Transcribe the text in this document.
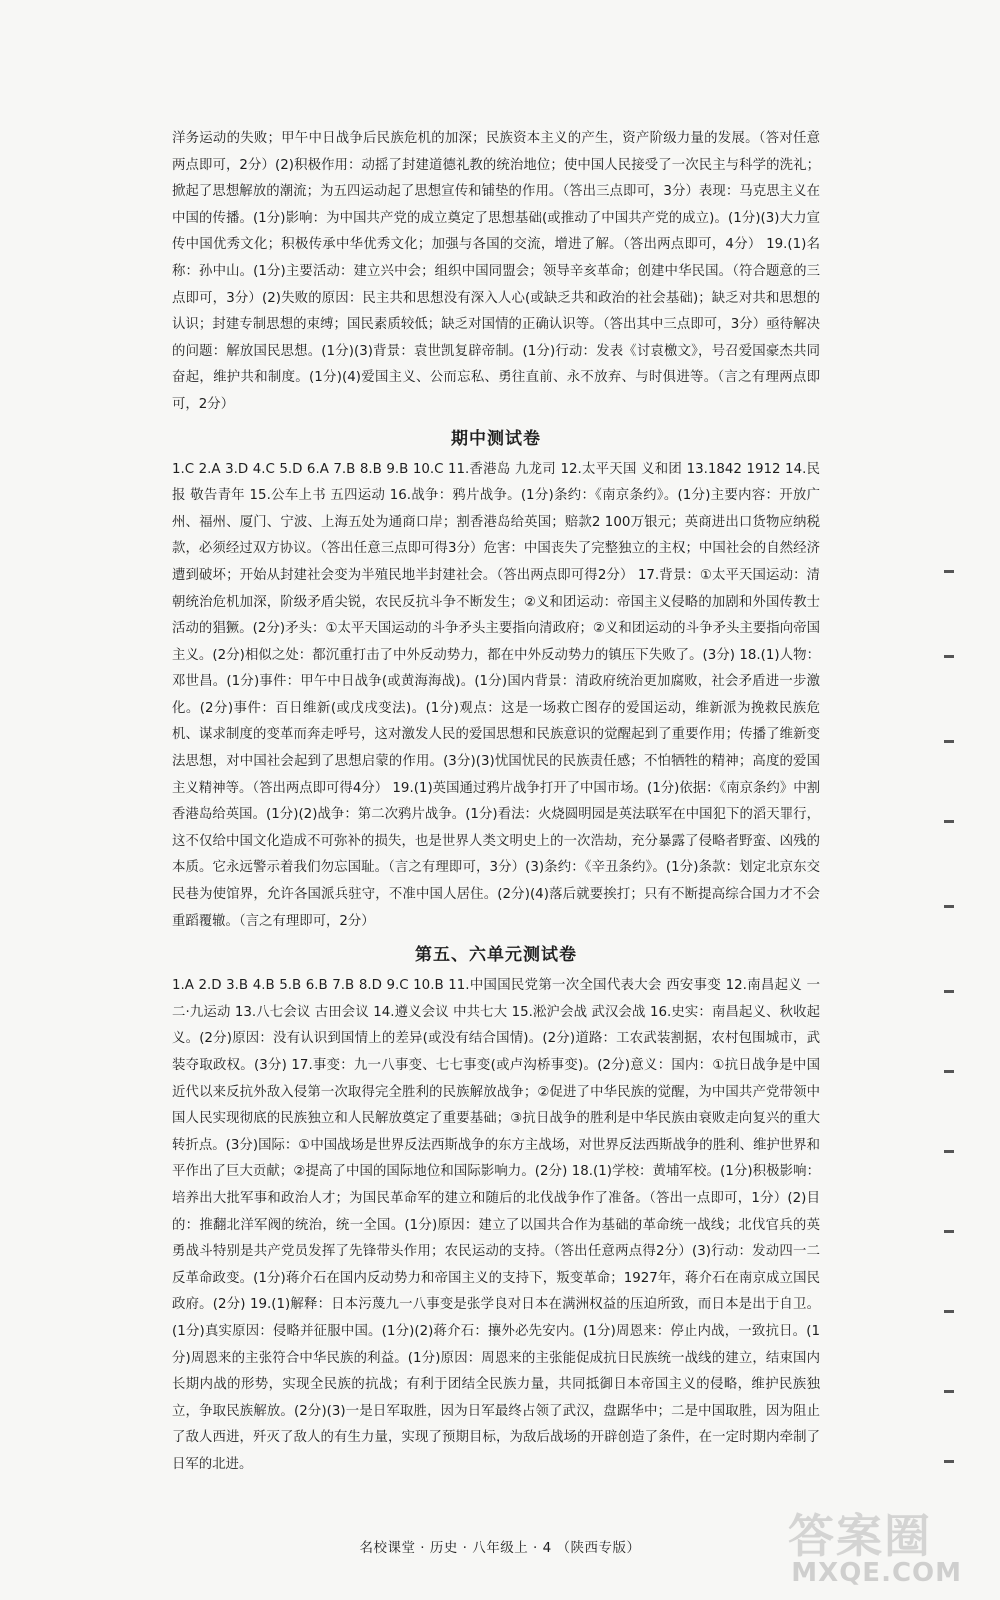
洋务运动的失败；甲午中日战争后民族危机的加深；民族资本主义的产生，资产阶级力量的发展。（答对任意两点即可，2分）(2)积极作用：动摇了封建道德礼教的统治地位；使中国人民接受了一次民主与科学的洗礼；掀起了思想解放的潮流；为五四运动起了思想宣传和铺垫的作用。（答出三点即可，3分）表现：马克思主义在中国的传播。(1分)影响：为中国共产党的成立奠定了思想基础(或推动了中国共产党的成立)。(1分)(3)大力宣传中国优秀文化；积极传承中华优秀文化；加强与各国的交流，增进了解。（答出两点即可，4分） 19.(1)名称：孙中山。(1分)主要活动：建立兴中会；组织中国同盟会；领导辛亥革命；创建中华民国。（符合题意的三点即可，3分）(2)失败的原因：民主共和思想没有深入人心(或缺乏共和政治的社会基础)；缺乏对共和思想的认识；封建专制思想的束缚；国民素质较低；缺乏对国情的正确认识等。（答出其中三点即可，3分）亟待解决的问题：解放国民思想。(1分)(3)背景：袁世凯复辟帝制。(1分)行动：发表《讨袁檄文》，号召爱国豪杰共同奋起，维护共和制度。(1分)(4)爱国主义、公而忘私、勇往直前、永不放弃、与时俱进等。（言之有理两点即可，2分）

期中测试卷

1.C 2.A 3.D 4.C 5.D 6.A 7.B 8.B 9.B 10.C 11.香港岛 九龙司 12.太平天国 义和团 13.1842 1912 14.民报 敬告青年 15.公车上书 五四运动 16.战争：鸦片战争。(1分)条约：《南京条约》。(1分)主要内容：开放广州、福州、厦门、宁波、上海五处为通商口岸；割香港岛给英国；赔款2 100万银元；英商进出口货物应纳税款，必须经过双方协议。（答出任意三点即可得3分）危害：中国丧失了完整独立的主权；中国社会的自然经济遭到破坏；开始从封建社会变为半殖民地半封建社会。（答出两点即可得2分） 17.背景：①太平天国运动：清朝统治危机加深，阶级矛盾尖锐，农民反抗斗争不断发生；②义和团运动：帝国主义侵略的加剧和外国传教士活动的猖獗。(2分)矛头：①太平天国运动的斗争矛头主要指向清政府；②义和团运动的斗争矛头主要指向帝国主义。(2分)相似之处：都沉重打击了中外反动势力，都在中外反动势力的镇压下失败了。(3分) 18.(1)人物：邓世昌。(1分)事件：甲午中日战争(或黄海海战)。(1分)国内背景：清政府统治更加腐败，社会矛盾进一步激化。(2分)事件：百日维新(或戊戌变法)。(1分)观点：这是一场救亡图存的爱国运动，维新派为挽救民族危机、谋求制度的变革而奔走呼号，这对激发人民的爱国思想和民族意识的觉醒起到了重要作用；传播了维新变法思想，对中国社会起到了思想启蒙的作用。(3分)(3)忧国忧民的民族责任感；不怕牺牲的精神；高度的爱国主义精神等。（答出两点即可得4分） 19.(1)英国通过鸦片战争打开了中国市场。(1分)依据：《南京条约》中割香港岛给英国。(1分)(2)战争：第二次鸦片战争。(1分)看法：火烧圆明园是英法联军在中国犯下的滔天罪行，这不仅给中国文化造成不可弥补的损失，也是世界人类文明史上的一次浩劫，充分暴露了侵略者野蛮、凶残的本质。它永远警示着我们勿忘国耻。（言之有理即可，3分）(3)条约：《辛丑条约》。(1分)条款：划定北京东交民巷为使馆界，允许各国派兵驻守，不准中国人居住。(2分)(4)落后就要挨打；只有不断提高综合国力才不会重蹈覆辙。（言之有理即可，2分）

第五、六单元测试卷

1.A 2.D 3.B 4.B 5.B 6.B 7.B 8.D 9.C 10.B 11.中国国民党第一次全国代表大会 西安事变 12.南昌起义 一二·九运动 13.八七会议 古田会议 14.遵义会议 中共七大 15.淞沪会战 武汉会战 16.史实：南昌起义、秋收起义。(2分)原因：没有认识到国情上的差异(或没有结合国情)。(2分)道路：工农武装割据，农村包围城市，武装夺取政权。(3分) 17.事变：九一八事变、七七事变(或卢沟桥事变)。(2分)意义：国内：①抗日战争是中国近代以来反抗外敌入侵第一次取得完全胜利的民族解放战争；②促进了中华民族的觉醒，为中国共产党带领中国人民实现彻底的民族独立和人民解放奠定了重要基础；③抗日战争的胜利是中华民族由衰败走向复兴的重大转折点。(3分)国际：①中国战场是世界反法西斯战争的东方主战场，对世界反法西斯战争的胜利、维护世界和平作出了巨大贡献；②提高了中国的国际地位和国际影响力。(2分) 18.(1)学校：黄埔军校。(1分)积极影响：培养出大批军事和政治人才；为国民革命军的建立和随后的北伐战争作了准备。（答出一点即可，1分）(2)目的：推翻北洋军阀的统治，统一全国。(1分)原因：建立了以国共合作为基础的革命统一战线；北伐官兵的英勇战斗特别是共产党员发挥了先锋带头作用；农民运动的支持。（答出任意两点得2分）(3)行动：发动四一二反革命政变。(1分)蒋介石在国内反动势力和帝国主义的支持下，叛变革命；1927年，蒋介石在南京成立国民政府。(2分) 19.(1)解释：日本污蔑九一八事变是张学良对日本在满洲权益的压迫所致，而日本是出于自卫。(1分)真实原因：侵略并征服中国。(1分)(2)蒋介石：攘外必先安内。(1分)周恩来：停止内战，一致抗日。(1分)周恩来的主张符合中华民族的利益。(1分)原因：周恩来的主张能促成抗日民族统一战线的建立，结束国内长期内战的形势，实现全民族的抗战；有利于团结全民族力量，共同抵御日本帝国主义的侵略，维护民族独立，争取民族解放。(2分)(3)一是日军取胜，因为日军最终占领了武汉，盘踞华中；二是中国取胜，因为阻止了敌人西进，歼灭了敌人的有生力量，实现了预期目标，为敌后战场的开辟创造了条件，在一定时期内牵制了日军的北进。

名校课堂 · 历史 · 八年级上 · 4 （陕西专版）	答案圈
MXQE.COM
